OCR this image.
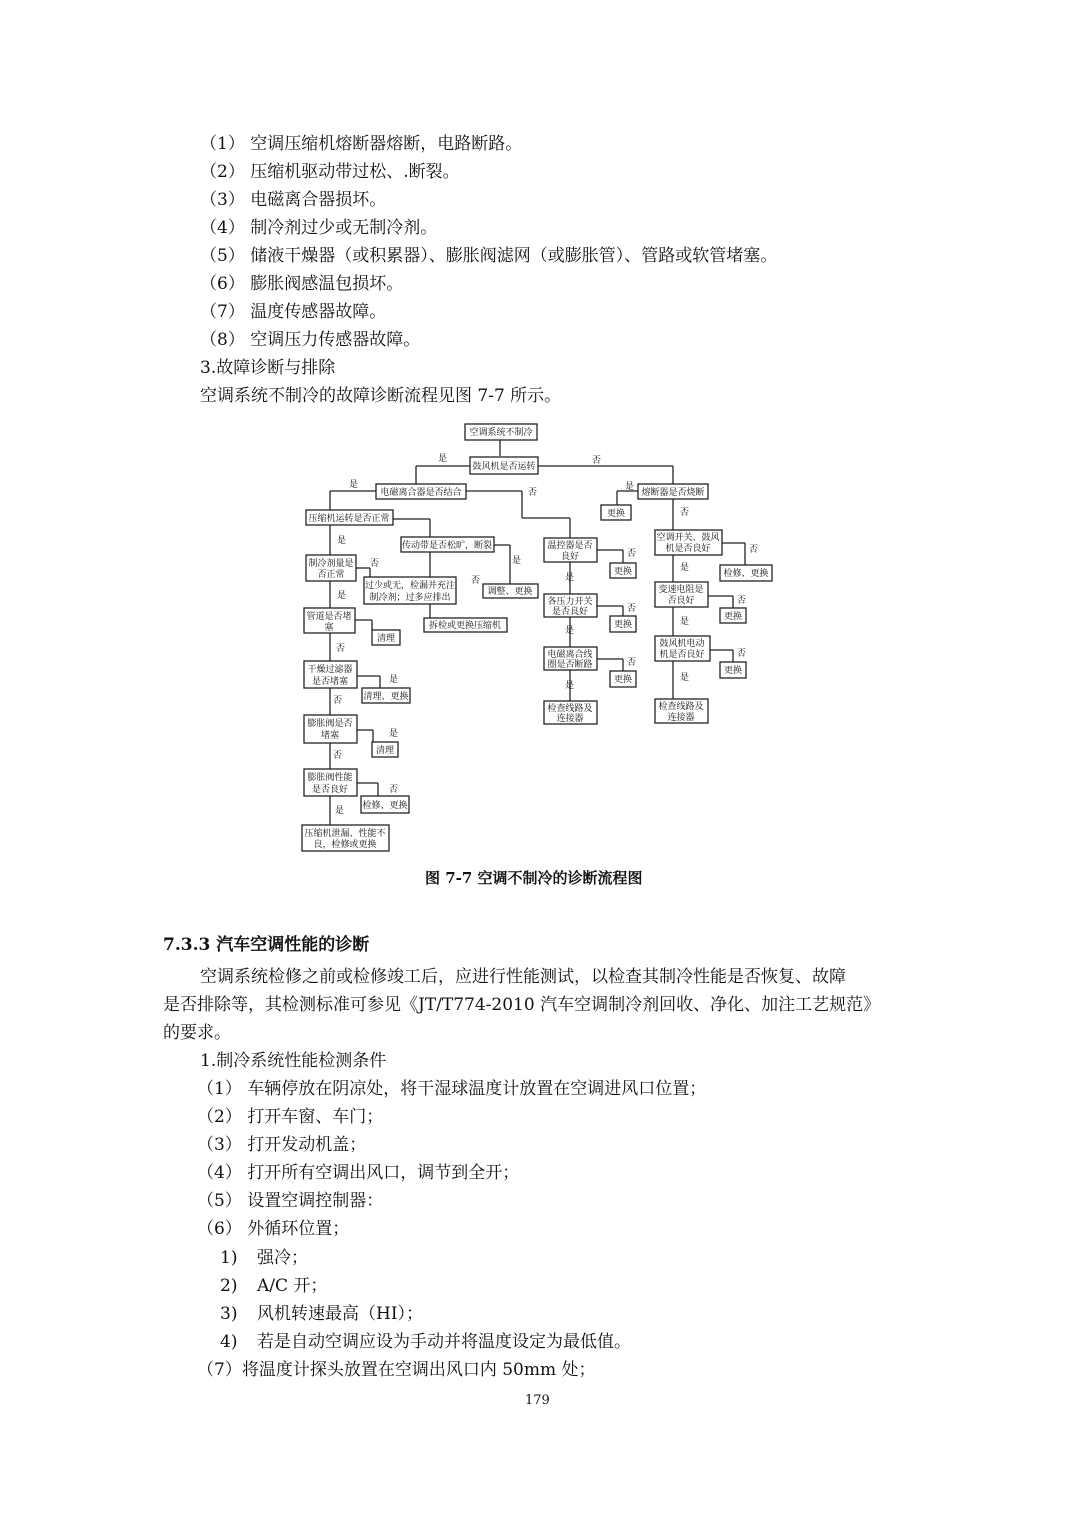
（1） 空调压缩机熔断器熔断，电路断路。
（2） 压缩机驱动带过松、.断裂。
（3） 电磁离合器损坏。
（4） 制冷剂过少或无制冷剂。
（5） 储液干燥器（或积累器）、膨胀阀滤网（或膨胀管）、管路或软管堵塞。
（6） 膨胀阀感温包损坏。
（7） 温度传感器故障。
（8） 空调压力传感器故障。
3.故障诊断与排除
空调系统不制冷的故障诊断流程见图 7-7 所示。
是	否
是
否
是
否
是
否
是
否
是
否
是
否
是
否
否
是
是
否
是
否
是
否
是
否
是
否
是
否
空调系统不制冷
鼓风机是否运转
电磁离合器是否结合	熔断器是否烧断
更换
压缩机运转是否正常
传动带是否松旷，断裂
调整、更换
拆检或更换压缩机
制冷剂量是
否正常
过少或无，检漏并充注
制冷剂；过多应排出
管道是否堵
塞
清理
干燥过滤器
是否堵塞
清理、更换
膨胀阀是否
堵塞
清理
膨胀阀性能
是否良好
检修、更换
压缩机泄漏、性能不
良，检修或更换
温控器是否
良好
更换
各压力开关
是否良好
更换
电磁离合线
圈是否断路
更换
检查线路及
连接器
空调开关、鼓风
机是否良好
检修、更换
变速电阻是
否良好
更换
鼓风机电动
机是否良好
更换
检查线路及
连接器
图 7-7 空调不制冷的诊断流程图
7.3.3 汽车空调性能的诊断
空调系统检修之前或检修竣工后，应进行性能测试，以检查其制冷性能是否恢复、故障
是否排除等，其检测标准可参见《JT/T774-2010 汽车空调制冷剂回收、净化、加注工艺规范》
的要求。
1.制冷系统性能检测条件
（1） 车辆停放在阴凉处，将干湿球温度计放置在空调进风口位置；
（2） 打开车窗、车门；
（3） 打开发动机盖；
（4） 打开所有空调出风口，调节到全开；
（5） 设置空调控制器：
（6） 外循环位置；
1) 强冷；
2) A/C 开；
3) 风机转速最高（HI）；
4) 若是自动空调应设为手动并将温度设定为最低值。
（7）将温度计探头放置在空调出风口内 50mm 处；
179
